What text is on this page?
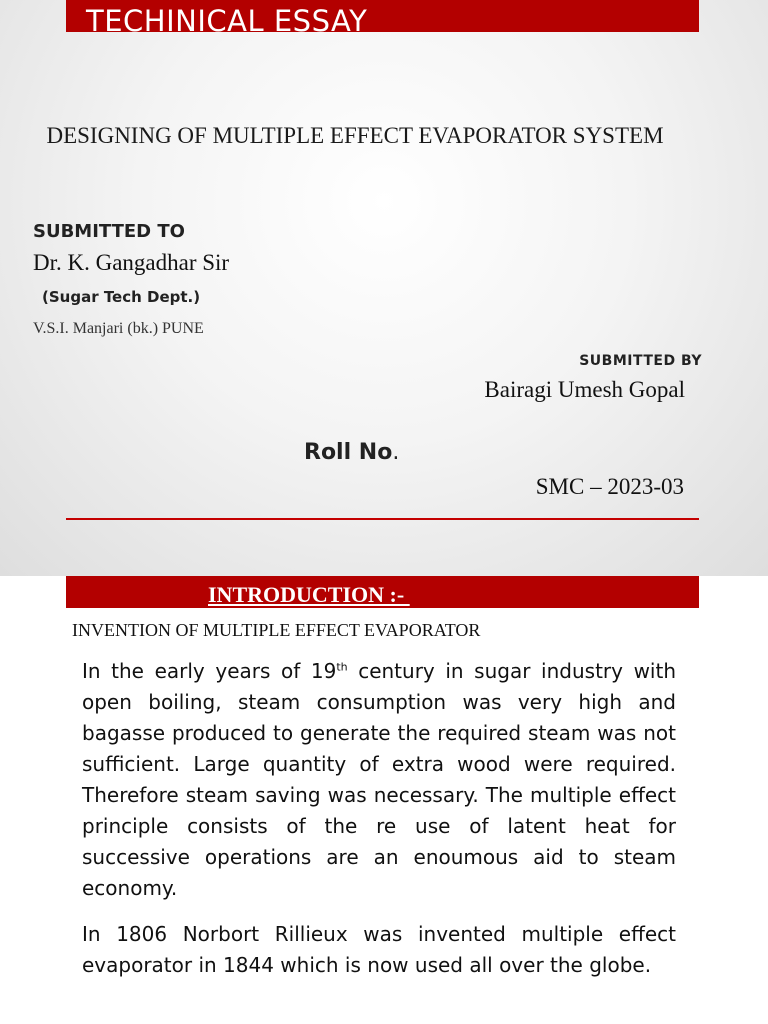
TECHINICAL ESSAY
DESIGNING OF MULTIPLE EFFECT EVAPORATOR SYSTEM
SUBMITTED TO
Dr. K. Gangadhar Sir
(Sugar Tech Dept.)
V.S.I. Manjari (bk.) PUNE
SUBMITTED BY
Bairagi Umesh Gopal
Roll No.
SMC – 2023-03
INTRODUCTION :-
INVENTION OF MULTIPLE EFFECT EVAPORATOR

In the early years of 19th century in sugar industry with open boiling, steam consumption was very high and bagasse produced to generate the required steam was not sufficient. Large quantity of extra wood were required. Therefore steam saving was necessary. The multiple effect principle consists of the re use of latent heat for successive operations are an enoumous aid to steam economy.

In 1806 Norbort Rillieux was invented multiple effect evaporator in 1844 which is now used all over the globe.
